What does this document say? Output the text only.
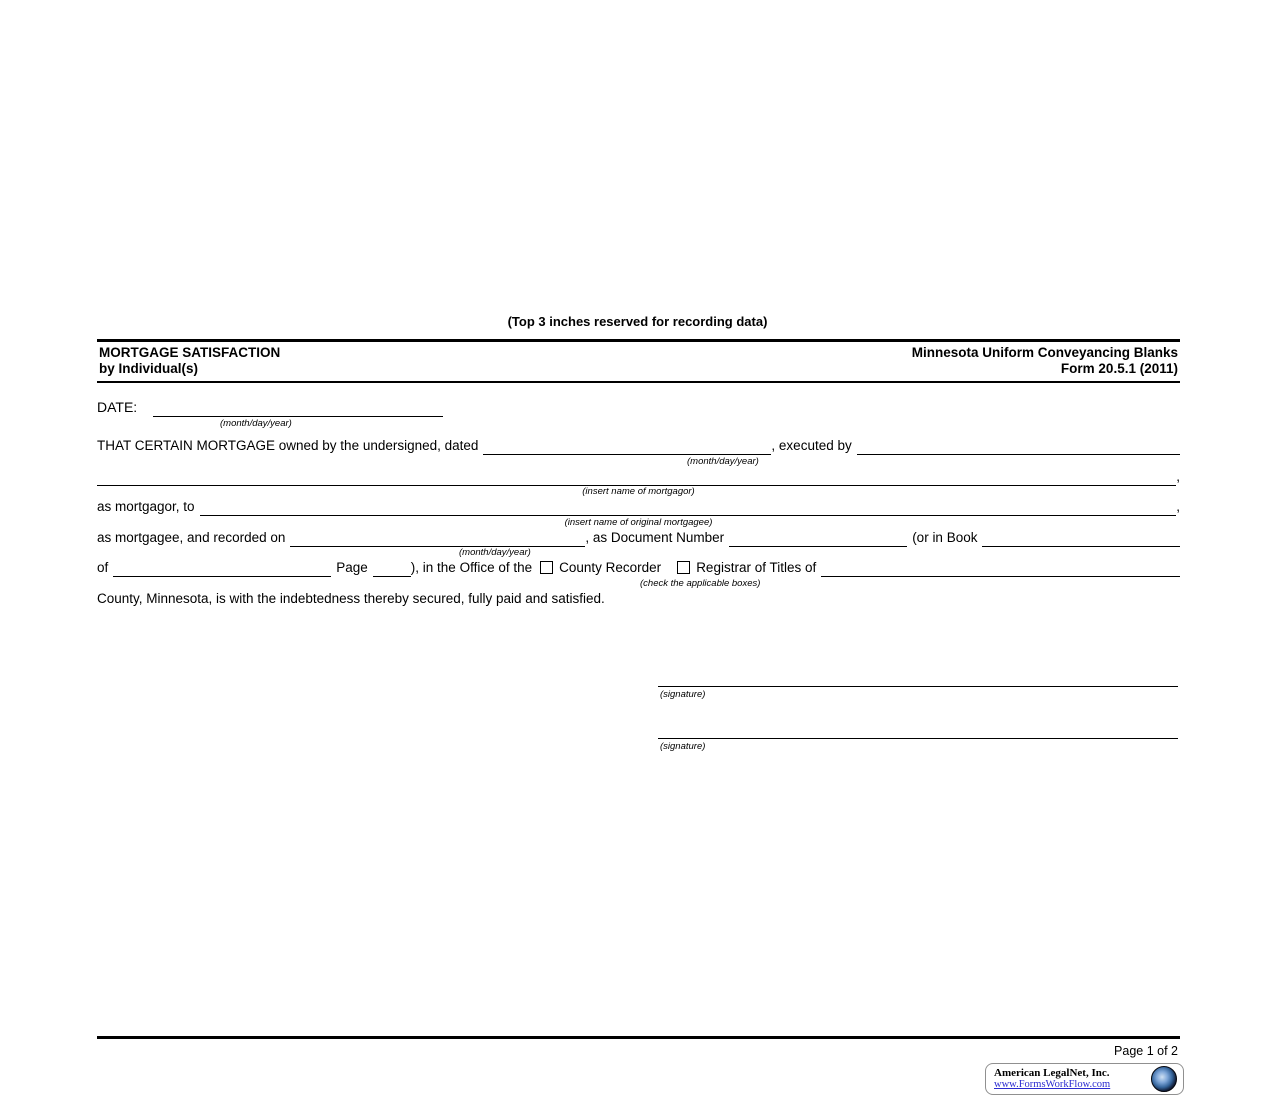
(Top 3 inches reserved for recording data)
MORTGAGE SATISFACTION
by Individual(s)
Minnesota Uniform Conveyancing Blanks
Form 20.5.1 (2011)
DATE:
(month/day/year)
THAT CERTAIN MORTGAGE owned by the undersigned, dated	, executed by
(month/day/year)
,
(insert name of mortgagor)
as mortgagor, to	,
(insert name of original mortgagee)
as mortgagee, and recorded on	, as Document Number	(or in Book
(month/day/year)
of	Page	), in the Office of the County Recorder	Registrar of Titles of
(check the applicable boxes)
County, Minnesota, is with the indebtedness thereby secured, fully paid and satisfied.
(signature)
(signature)
Page 1 of 2
American LegalNet, Inc.
www.FormsWorkFlow.com
